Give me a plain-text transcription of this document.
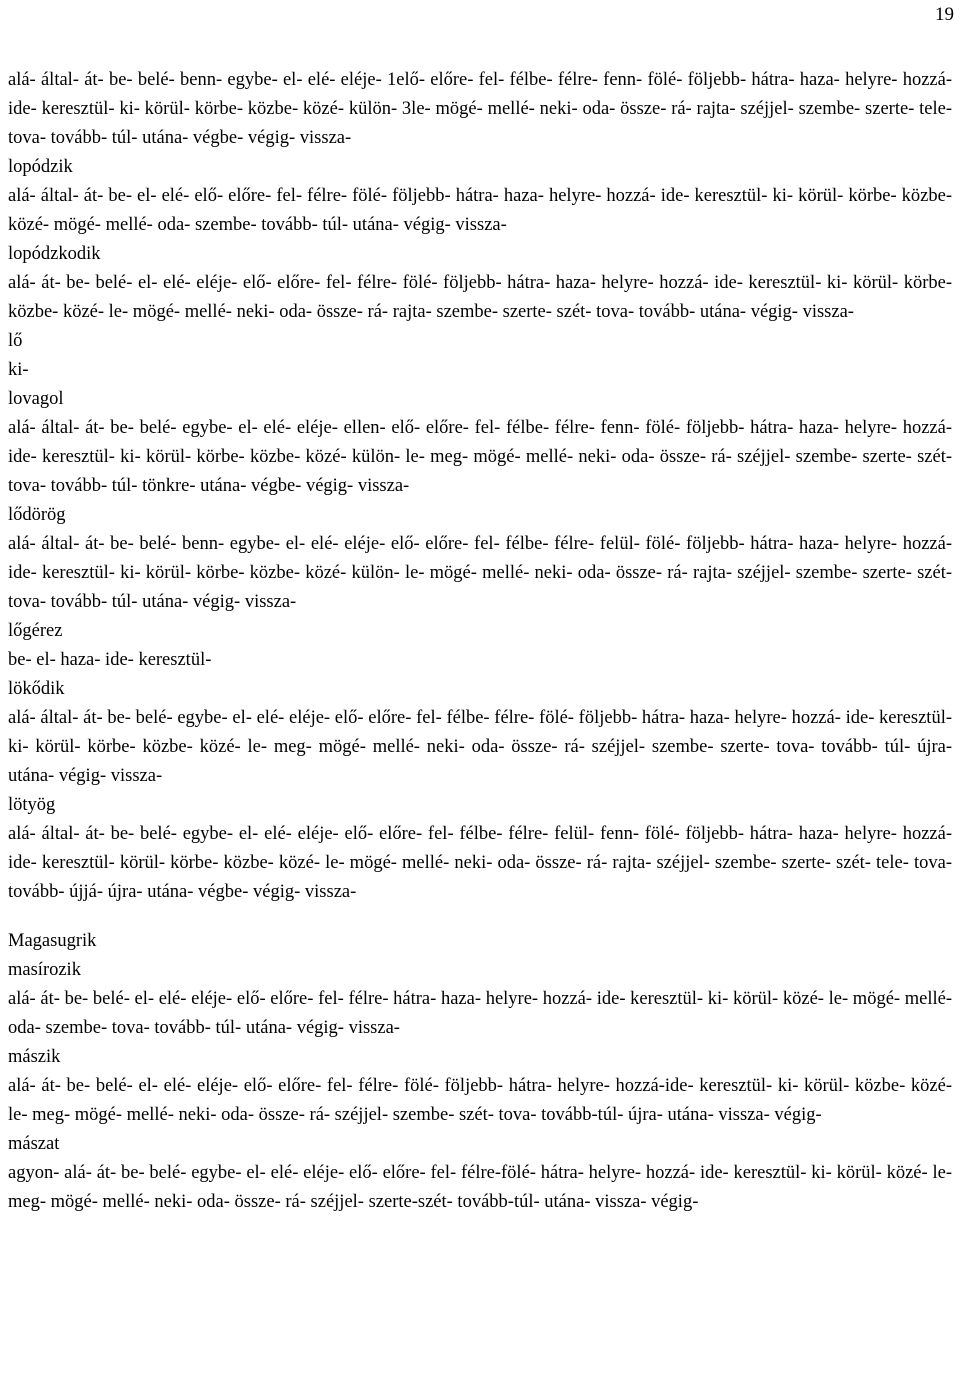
19

alá- által- át- be- belé- benn- egybe- el- elé- eléje- 1elő- előre- fel- félbe- félre- fenn- fölé- följebb- hátra- haza- helyre- hozzá- ide- keresztül- ki- körül- körbe- közbe- közé- külön- 3le- mögé- mellé- neki- oda- össze- rá- rajta- széjjel- szembe- szerte- tele- tova- tovább- túl- utána- végbe- végig- vissza-

lopódzik

alá- által- át- be- el- elé- elő- előre- fel- félre- fölé- följebb- hátra- haza- helyre- hozzá- ide- keresztül- ki- körül- körbe- közbe- közé- mögé- mellé- oda- szembe- tovább- túl- utána- végig- vissza-

lopódzkodik

alá- át- be- belé- el- elé- eléje- elő- előre- fel- félre- fölé- följebb- hátra- haza- helyre- hozzá- ide- keresztül- ki- körül- körbe- közbe- közé- le- mögé- mellé- neki- oda- össze- rá- rajta- szembe- szerte- szét- tova- tovább- utána- végig- vissza-

lő

ki-

lovagol

alá- által- át- be- belé- egybe- el- elé- eléje- ellen- elő- előre- fel- félbe- félre- fenn- fölé- följebb- hátra- haza- helyre- hozzá- ide- keresztül- ki- körül- körbe- közbe- közé- külön- le- meg- mögé- mellé- neki- oda- össze- rá- széjjel- szembe- szerte- szét- tova- tovább- túl- tönkre- utána- végbe- végig- vissza-

lődörög

alá- által- át- be- belé- benn- egybe- el- elé- eléje- elő- előre- fel- félbe- félre- felül- fölé- följebb- hátra- haza- helyre- hozzá- ide- keresztül- ki- körül- körbe- közbe- közé- külön- le- mögé- mellé- neki- oda- össze- rá- rajta- széjjel- szembe- szerte- szét- tova- tovább- túl- utána- végig- vissza-

lőgérez

be- el- haza- ide- keresztül-

lökődik

alá- által- át- be- belé- egybe- el- elé- eléje- elő- előre- fel- félbe- félre- fölé- följebb- hátra- haza- helyre- hozzá- ide- keresztül- ki- körül- körbe- közbe- közé- le- meg- mögé- mellé- neki- oda- össze- rá- széjjel- szembe- szerte- tova- tovább- túl- újra- utána- végig- vissza-

lötyög

alá- által- át- be- belé- egybe- el- elé- eléje- elő- előre- fel- félbe- félre- felül- fenn- fölé- följebb- hátra- haza- helyre- hozzá- ide- keresztül- körül- körbe- közbe- közé- le- mögé- mellé- neki- oda- össze- rá- rajta- széjjel- szembe- szerte- szét- tele- tova- tovább- újjá- újra- utána- végbe- végig- vissza-

Magasugrik

masírozik

alá- át- be- belé- el- elé- eléje- elő- előre- fel- félre- hátra- haza- helyre- hozzá- ide- keresztül- ki- körül- közé- le- mögé- mellé- oda- szembe- tova- tovább- túl- utána- végig- vissza-

mászik

alá- át- be- belé- el- elé- eléje- elő- előre- fel- félre- fölé- följebb- hátra- helyre- hozzá-ide- keresztül- ki- körül- közbe- közé- le- meg- mögé- mellé- neki- oda- össze- rá- széjjel- szembe- szét- tova- tovább-túl- újra- utána- vissza- végig-

mászat

agyon- alá- át- be- belé- egybe- el- elé- eléje- elő- előre- fel- félre-fölé- hátra- helyre- hozzá- ide- keresztül- ki- körül- közé- le- meg- mögé- mellé- neki- oda- össze- rá- széjjel- szerte-szét- tovább-túl- utána- vissza- végig-
